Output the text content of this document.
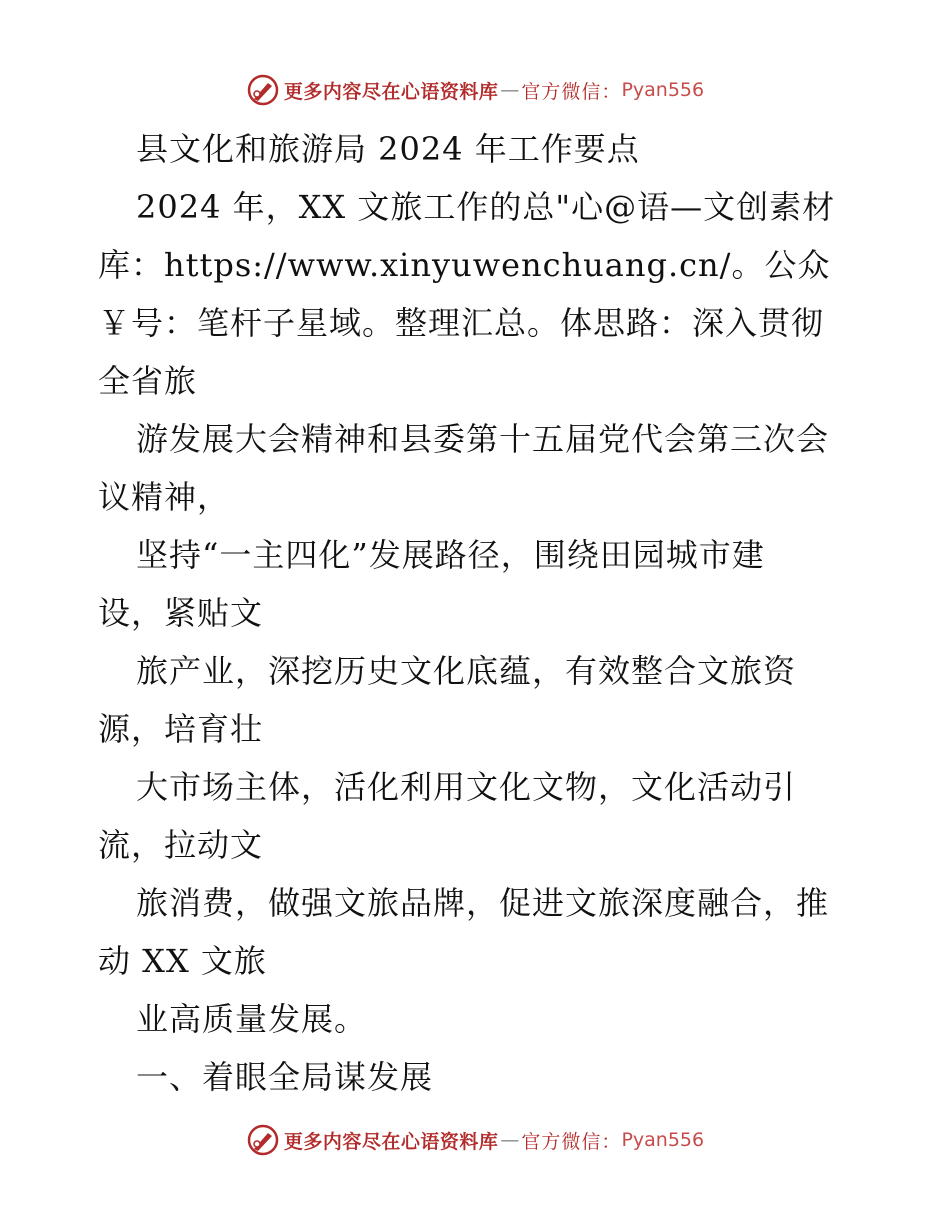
更多内容尽在心语资料库 — 官方微信： Pyan556
县文化和旅游局 2024 年工作要点
2024 年，XX 文旅工作的总"心@语—文创素材
库：https://www.xinyuwenchuang.cn/。公众
￥号：笔杆子星域。整理汇总。体思路：深入贯彻
全省旅
游发展大会精神和县委第十五届党代会第三次会
议精神，
坚持“一主四化”发展路径，围绕田园城市建
设，紧贴文
旅产业，深挖历史文化底蕴，有效整合文旅资
源，培育壮
大市场主体，活化利用文化文物，文化活动引
流，拉动文
旅消费，做强文旅品牌，促进文旅深度融合，推
动 XX 文旅
业高质量发展。
一、着眼全局谋发展
更多内容尽在心语资料库 — 官方微信： Pyan556
